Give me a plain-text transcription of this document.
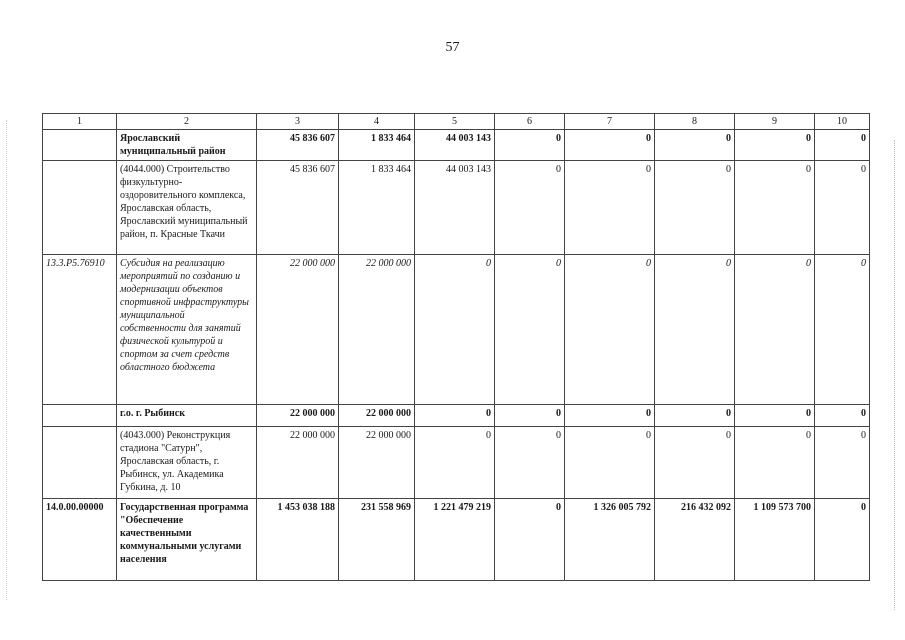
57
1	2	3	4	5	6	7	8	9	10
	Ярославский муниципальный район	45 836 607	1 833 464	44 003 143	0	0	0	0	0
	(4044.000) Строительство физкультурно-оздоровительного комплекса, Ярославская область, Ярославский муниципальный район, п. Красные Ткачи	45 836 607	1 833 464	44 003 143	0	0	0	0	0
13.3.P5.76910	Субсидия на реализацию мероприятий по созданию и модернизации объектов спортивной инфраструктуры муниципальной собственности для занятий физической культурой и спортом за счет средств областного бюджета	22 000 000	22 000 000	0	0	0	0	0	0
	г.о. г. Рыбинск	22 000 000	22 000 000	0	0	0	0	0	0
	(4043.000) Реконструкция стадиона "Сатурн", Ярославская область, г. Рыбинск, ул. Академика Губкина, д. 10	22 000 000	22 000 000	0	0	0	0	0	0
14.0.00.00000	Государственная программа "Обеспечение качественными коммунальными услугами населения	1 453 038 188	231 558 969	1 221 479 219	0	1 326 005 792	216 432 092	1 109 573 700	0
